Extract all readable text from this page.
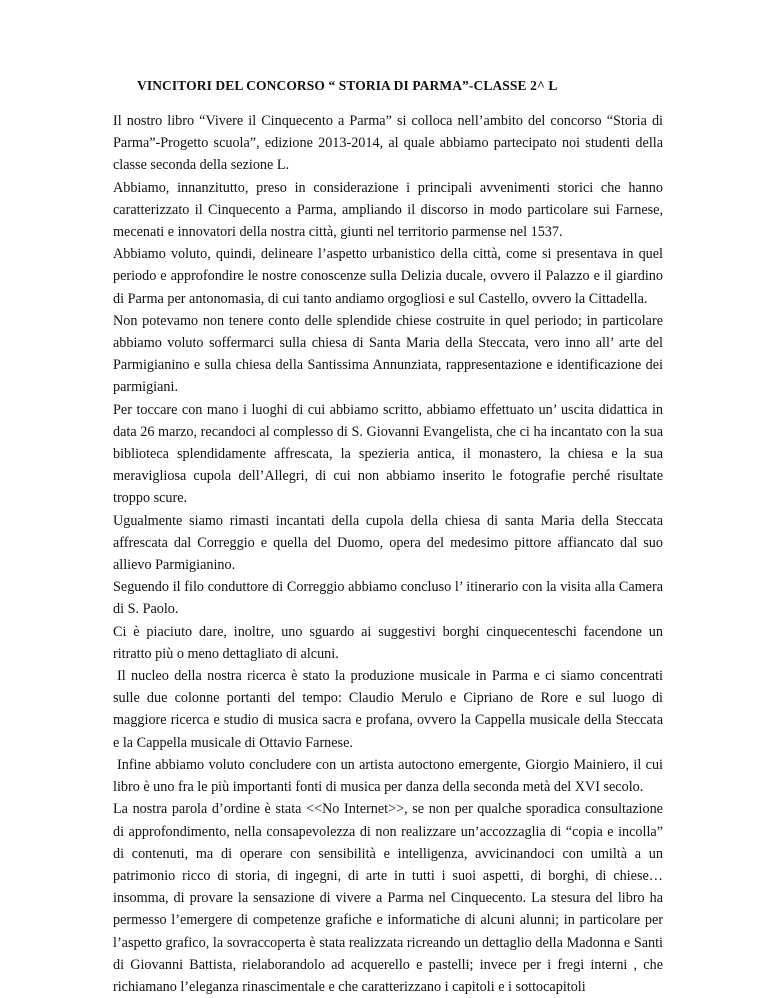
VINCITORI DEL CONCORSO “ STORIA DI PARMA”-CLASSE 2^ L

Il nostro libro “Vivere il Cinquecento a Parma” si colloca nell’ambito del concorso “Storia di Parma”-Progetto scuola”, edizione 2013-2014, al quale abbiamo partecipato noi studenti della classe seconda della sezione L.

Abbiamo, innanzitutto, preso in considerazione i principali avvenimenti storici che hanno caratterizzato il Cinquecento a Parma, ampliando il discorso in modo particolare sui Farnese, mecenati e innovatori della nostra città, giunti nel territorio parmense nel 1537.

Abbiamo voluto, quindi, delineare l’aspetto urbanistico della città, come si presentava in quel periodo e approfondire le nostre conoscenze sulla Delizia ducale, ovvero il Palazzo e il giardino di Parma per antonomasia, di cui tanto andiamo orgogliosi e sul Castello, ovvero la Cittadella.

Non potevamo non tenere conto delle splendide chiese costruite in quel periodo; in particolare abbiamo voluto soffermarci sulla chiesa di Santa Maria della Steccata, vero inno all’ arte del Parmigianino e sulla chiesa della Santissima Annunziata, rappresentazione e identificazione dei parmigiani.

Per toccare con mano i luoghi di cui abbiamo scritto, abbiamo effettuato un’ uscita didattica in data 26 marzo, recandoci al complesso di S. Giovanni Evangelista, che ci ha incantato con la sua biblioteca splendidamente affrescata, la spezieria antica, il monastero, la chiesa e la sua meravigliosa cupola dell’Allegri, di cui non abbiamo inserito le fotografie perché risultate troppo scure.

Ugualmente siamo rimasti incantati della cupola della chiesa di santa Maria della Steccata affrescata dal Correggio e quella del Duomo, opera del medesimo pittore affiancato dal suo allievo Parmigianino.

Seguendo il filo conduttore di Correggio abbiamo concluso l’ itinerario con la visita alla Camera di S. Paolo.

Ci è piaciuto dare, inoltre, uno sguardo ai suggestivi borghi cinquecenteschi facendone un ritratto più o meno dettagliato di alcuni.

Il nucleo della nostra ricerca è stato la produzione musicale in Parma e ci siamo concentrati sulle due colonne portanti del tempo: Claudio Merulo e Cipriano de Rore e sul luogo di maggiore ricerca e studio di musica sacra e profana, ovvero la Cappella musicale della Steccata e la Cappella musicale di Ottavio Farnese.

Infine abbiamo voluto concludere con un artista autoctono emergente, Giorgio Mainiero, il cui libro è uno fra le più importanti fonti di musica per danza della seconda metà del XVI secolo.

La nostra parola d’ordine è stata <<No Internet>>, se non per qualche sporadica consultazione di approfondimento, nella consapevolezza di non realizzare un’accozzaglia di “copia e incolla” di contenuti, ma di operare con sensibilità e intelligenza, avvicinandoci con umiltà a un patrimonio ricco di storia, di ingegni, di arte in tutti i suoi aspetti, di borghi, di chiese… insomma, di provare la sensazione di vivere a Parma nel Cinquecento. La stesura del libro ha permesso l’emergere di competenze grafiche e informatiche di alcuni alunni; in particolare per l’aspetto grafico, la sovraccoperta è stata realizzata ricreando un dettaglio della Madonna e Santi di Giovanni Battista, rielaborandolo ad acquerello e pastelli; invece per i fregi interni , che richiamano l’eleganza rinascimentale e che caratterizzano i capitoli e i sottocapitoli
